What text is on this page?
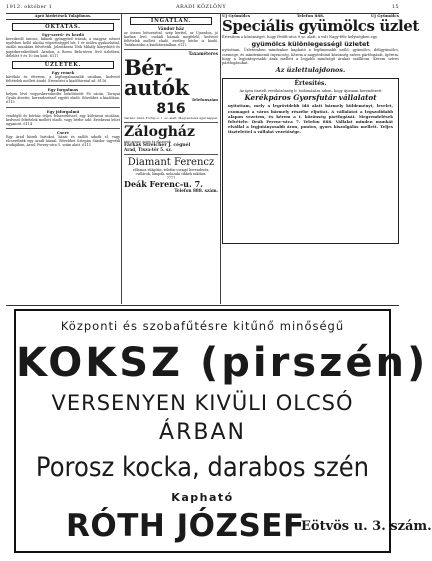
1912. október 1	ARADI KÖZLÖNY	15
Apró hirdetések Tulajdonos.
OKTATÁS.
Egy-szerű- és kezdő
kereskedő tanonc, kiknek gyöngyöző írásuk, a magyar, német nyelvben kellő iskolai végzettséggel bír, 1 év múlva gyakorlattal, önálló munkára felvétetik. Jelentkezni Tóth Mihály könyvkötő és papirkereskedőnél. Aradon, a Boros Béla-téren lévő üzletben, délelőtt 9 és 10 óra közt. 6117
ÜZLETEK.
Egy remek
kávéház és étterem, a legforgalmasabb utcában, kedvező feltételek mellett átadó. Értesítést a kiadóhivatal ad. 6116
Egy forgalmas
helyen lévő vegyeskereskedés beköltözött Fő utcán, Tornyai Gyula átvette, berendezéssel együtt eladó. Bővebbet a kiadóban. 6115
Egy jóforgalmú
vendéglő és bérház teljes felszereléssel, egy külvárosi utcában, kedvező feltételek mellett eladó, vagy bérbe adó. Értekezni lehet ugyanott. 6114
Csere
Egy Arad közeli birtokot, házat és szőlőt adnék el, vagy elcserélnék egy aradi házzal. Bővebbet Sztepán Sándor ügyvédi irodájában, Arad, Forray-utca 5. szám alatt. 6113
INGATLAN.
Vándor ház
az összes bútorzattal, szép kerttel, az Újaradon, jó karban levő, családi háznak megfelelő, kedvező feltételek mellett eladó, esetleg bérbe is kiadó. Tudakozódni a kiadóhivatalban. 6112
Taxaméteres
Bér-autók Telefonszám
816
Garázs: Arad, Forray-u. 1. sz. alatt. Megrendelés éjjel-nappal.
Zálogház
régi arany, ezüst és ékszerek
Farkas Streicher J. cégnél
Arad, Tisza-tér 5. sz.
Diamant Ferencz
villamos világítás, telefon-csengő berendezés, csillárok, lámpák, műszaki cikkek raktára. 7777
Deák Ferenc-u. 7.
Telefon 888. szám.
Új Gyümölcs	Telefon 888.	Új Gyümölcs
Speciális gyümölcs üzlet
Értesítem a közönséget, hogy Petőfi-utca 9 sz. alatt, a volt Nagy-féle helyiségben egy
gyümölcs különlegességi üzletet
nyitottam. Üzletemben mindenkor kapható a legfinomabb szőlő, gyümölcs, déligyümölcs, csemege, és mindennemű ínyencség. Kérem a nagyérdemű közönség szíves pártfogását, ígérem, hogy a legjutányosabb árak mellett a legjobb minőségű árukat szállítom. Kérem szíves pártfogásukat.
Az üzlettulajdonos.
Értesítés.
Az igen tisztelt vevőközönség b. tudomására adom, hogy újonnan berendezett
Kerékpáros Gyorsfutár vállalatot
nyitottam, mely a legrövidebb idő alatt bármely küldeményt, levelet, csomagot a város bármely részébe eljuttat. A vállalatot a legszolidabb alapon vezetem, és kérem a t. közönség pártfogását. Megrendelések felvétele: Deák Ferenc-utca 7. Telefon 888. Vállalat minden munkát elvállal a legjutányosabb áron, pontos, gyors kiszolgálás mellett. Teljes tisztelettel a vállalat vezetősége.
Központi és szobafűtésre kitűnő minőségű
KOKSZ (pirszén)
VERSENYEN KIVÜLI OLCSÓ
ÁRBAN
Porosz kocka, darabos szén
Kapható
RÓTH JÓZSEF
Eötvös u. 3. szám.
